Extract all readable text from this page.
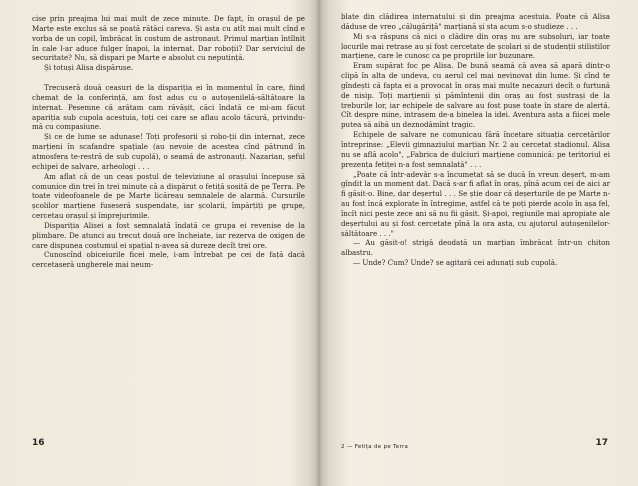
cise prin preajma lui mai mult de zece minute. De fapt, în orașul de pe Marte este exclus să se poată rătăci careva. Și asta cu atît mai mult cînd e vorba de un copil, îmbrăcat în costum de astronaut. Primul marțian întîlnit în cale l-ar aduce fulger înapoi, la internat. Dar roboții? Dar serviciul de securitate? Nu, să dispari pe Marte e absolut cu neputință.

Și totuși Alisa dispăruse.

Trecuseră două ceasuri de la dispariția ei în momentul în care, fiind chemat de la conferință, am fost adus cu o autoșenilelă-săltătoare la internat. Pesemne că arătam cam răvășit, căci îndată ce mi-am făcut apariția sub cupola acestuia, toți cei care se aflau acolo tăcură, privindu-mă cu compasiune.

Și ce de lume se adunase! Toți profesorii și robo-ții din internat, zece marțieni în scafandre spațiale (au nevoie de acestea cînd pătrund în atmosfera te-restră de sub cupolă), o seamă de astronauți. Nazarian, șeful echipei de salvare, arheologi . . .

Am aflat că de un ceas postul de televiziune al orașului începuse să comunice din trei în trei minute că a dispărut o fetiță sosită de pe Terra. Pe toate videofoanele de pe Marte licăreau semnalele de alarmă. Cursurile școlilor marțiene fuseseră suspendate, iar școlarii, împărțiți pe grupe, cercetau orașul și împrejurimile.

Dispariția Alisei a fost semnalată îndată ce grupa ei revenise de la plimbare. De atunci au trecut două ore încheiate, iar rezerva de oxigen de care dispunea costumul ei spațial n-avea să dureze decît trei ore.

Cunoscînd obiceiurile ficei mele, i-am întrebat pe cei de față dacă cercetaseră ungherele mai neum-

16

blate din clădirea internatului și din preajma acestuia. Poate că Alisa dăduse de vreo „călugăriță" marțiană și sta acum s-o studieze . . .

Mi s-a răspuns că nici o clădire din oraș nu are subsoluri, iar toate locurile mai retrase au și fost cercetate de școlari și de studenții stilistilor marțiene, care le cunosc ca pe propriile lor buzunare.

Eram supărat foc pe Alisa. De bună seamă că avea să apară dintr-o clipă în alta de undeva, cu aerul cel mai nevinovat din lume. Și cînd te gîndești că fapta ei a provocat în oraș mai multe necazuri decît o furtună de nisip. Toți marțienii și pămîntenii din oraș au fost sustrași de la treburile lor, iar echipele de salvare au fost puse toate în stare de alertă. Cît despre mine, intrasem de-a binelea la idei. Aventura asta a fiicei mele putea să aibă un deznodămînt tragic.

Echipele de salvare ne comunicau fără încetare situația cercetărilor întreprinse: „Elevii gimnaziului marțian Nr. 2 au cercetat stadionul. Alisa nu se află acolo", „Fabrica de dulciuri marțiene comunică: pe teritoriul ei prezența fetiței n-a fost semnalată" . . .

„Poate că într-adevăr s-a încumetat să se ducă în vreun deșert, m-am gîndit la un moment dat. Dacă s-ar fi aflat în oraș, pînă acum cei de aici ar fi găsit-o. Bine, dar deșertul . . . Se știe doar că deșerturile de pe Marte n-au fost încă explorate în întregime, astfel că te poți pierde acolo în așa fel, încît nici peste zece ani să nu fii găsit. Și-apoi, regiunile mai apropiate ale deșertului au și fost cercetate pînă la ora asta, cu ajutorul autoșenilelor-săltătoare . . ."

— Au găsit-o! strigă deodată un marțian îmbrăcat într-un chiton albastru.

— Unde? Cum? Unde? se agitară cei adunați sub cupolă.

2 — Fetița de pe Terra	17
